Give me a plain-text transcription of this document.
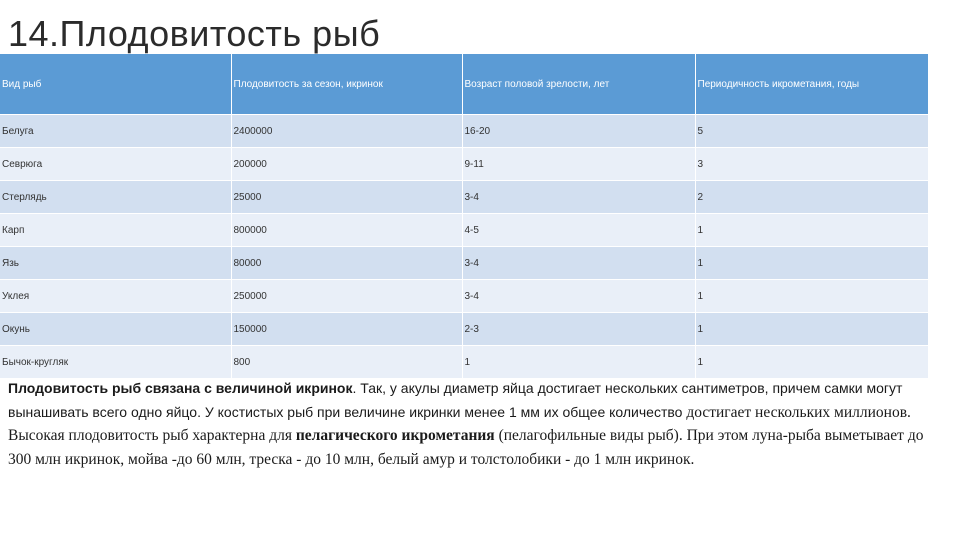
14.Плодовитость рыб
Вид рыб	Плодовитость за сезон, икринок	Возраст половой зрелости, лет	Периодичность икрометания, годы
Белуга	2400000	16-20	5
Севрюга	200000	9-11	3
Стерлядь	25000	3-4	2
Карп	800000	4-5	1
Язь	80000	3-4	1
Уклея	250000	3-4	1
Окунь	150000	2-3	1
Бычок-кругляк	800	1	1
Плодовитость рыб связана с величиной икринок. Так, у акулы диаметр яйца достигает нескольких сантиметров, причем самки могут вынашивать всего одно яйцо. У костистых рыб при величине икринки менее 1 мм их общее количество достигает нескольких миллионов. Высокая плодовитость рыб характерна для пелагического икрометания (пелагофильные виды рыб). При этом луна-рыба выметывает до 300 млн икринок, мойва -до 60 млн, треска - до 10 млн, белый амур и толстолобики - до 1 млн икринок.
